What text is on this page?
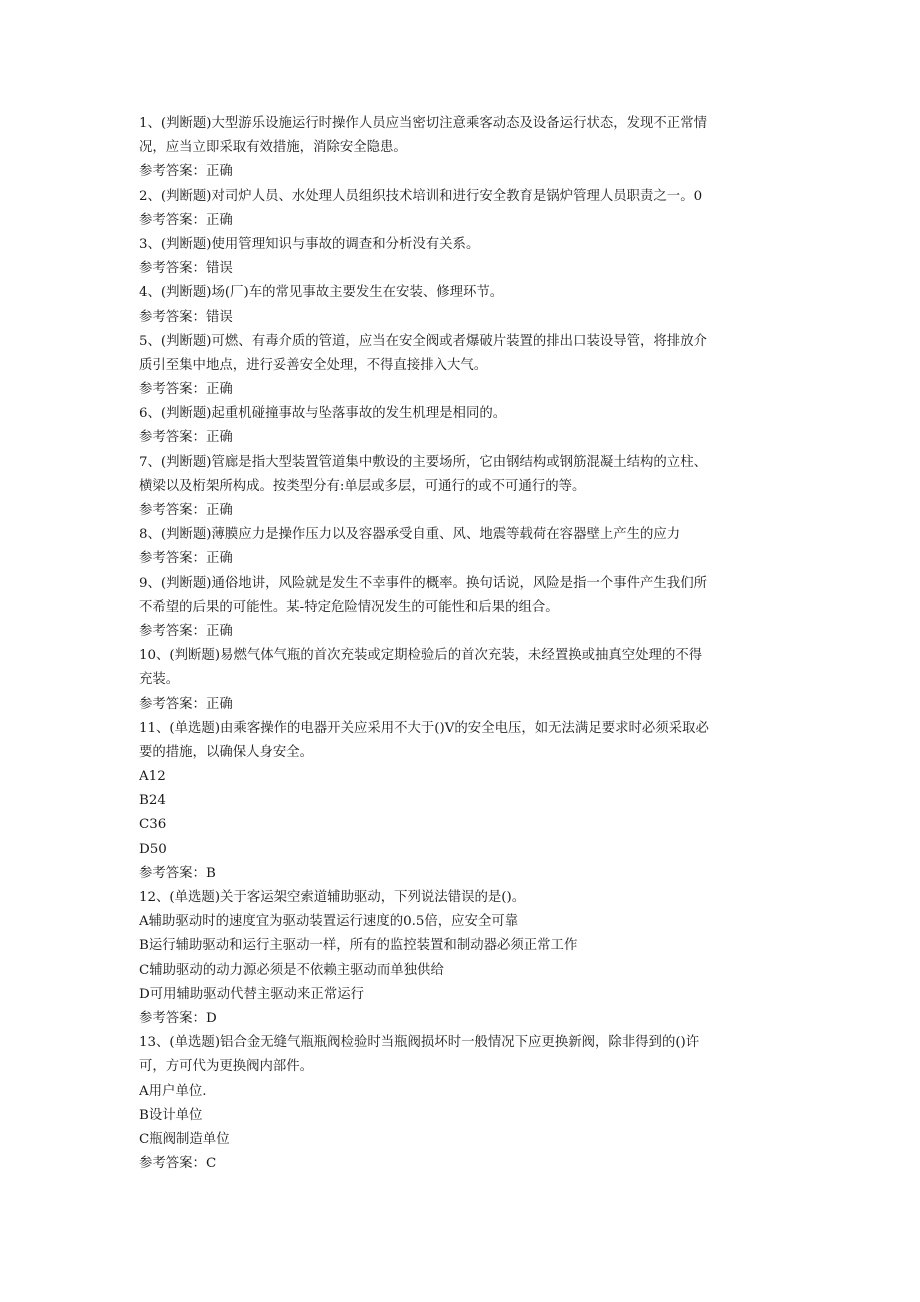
1、(判断题)大型游乐设施运行时操作人员应当密切注意乘客动态及设备运行状态，发现不正常情
况，应当立即采取有效措施，消除安全隐患。
参考答案：正确
2、(判断题)对司炉人员、水处理人员组织技术培训和进行安全教育是锅炉管理人员职责之一。0
参考答案：正确
3、(判断题)使用管理知识与事故的调查和分析没有关系。
参考答案：错误
4、(判断题)场(厂)车的常见事故主要发生在安装、修理环节。
参考答案：错误
5、(判断题)可燃、有毒介质的管道，应当在安全阀或者爆破片装置的排出口装设导管，将排放介
质引至集中地点，进行妥善安全处理，不得直接排入大气。
参考答案：正确
6、(判断题)起重机碰撞事故与坠落事故的发生机理是相同的。
参考答案：正确
7、(判断题)管廊是指大型装置管道集中敷设的主要场所，它由钢结构或钢筋混凝土结构的立柱、
横梁以及桁架所构成。按类型分有:单层或多层，可通行的或不可通行的等。
参考答案：正确
8、(判断题)薄膜应力是操作压力以及容器承受自重、风、地震等载荷在容器壁上产生的应力
参考答案：正确
9、(判断题)通俗地讲，风险就是发生不幸事件的概率。换句话说，风险是指一个事件产生我们所
不希望的后果的可能性。某-特定危险情况发生的可能性和后果的组合。
参考答案：正确
10、(判断题)易燃气体气瓶的首次充装或定期检验后的首次充装，未经置换或抽真空处理的不得
充装。
参考答案：正确
11、(单选题)由乘客操作的电器开关应采用不大于()V的安全电压，如无法满足要求时必须采取必
要的措施，以确保人身安全。
A12
B24
C36
D50
参考答案：B
12、(单选题)关于客运架空索道辅助驱动，下列说法错误的是()。
A辅助驱动时的速度宜为驱动装置运行速度的0.5倍，应安全可靠
B运行辅助驱动和运行主驱动一样，所有的监控装置和制动器必须正常工作
C辅助驱动的动力源必须是不依赖主驱动而单独供给
D可用辅助驱动代替主驱动来正常运行
参考答案：D
13、(单选题)铝合金无缝气瓶瓶阀检验时当瓶阀损坏时一般情况下应更换新阀，除非得到的()许
可，方可代为更换阀内部件。
A用户单位.
B设计单位
C瓶阀制造单位
参考答案：C
